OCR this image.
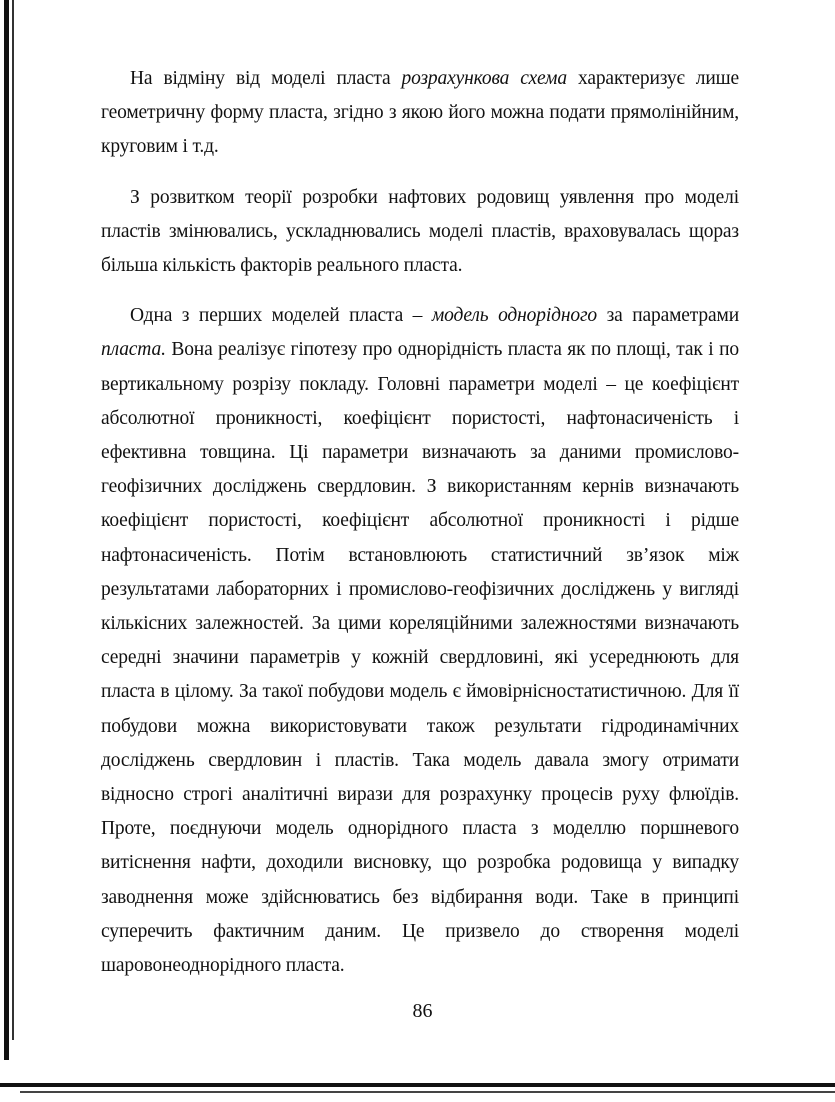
На відміну від моделі пласта розрахункова схема характеризує лише геометричну форму пласта, згідно з якою його можна подати прямолінійним, круговим і т.д.

З розвитком теорії розробки нафтових родовищ уявлення про моделі пластів змінювались, ускладнювались моделі пластів, враховувалась щораз більша кількість факторів реального пласта.

Одна з перших моделей пласта – модель однорідного за параметрами пласта. Вона реалізує гіпотезу про однорідність пласта як по площі, так і по вертикальному розрізу покладу. Головні параметри моделі – це коефіцієнт абсолютної проникності, коефіцієнт пористості, нафтонасиченість і ефективна товщина. Ці параметри визначають за даними промислово-геофізичних досліджень свердловин. З використанням кернів визначають коефіцієнт пористості, коефіцієнт абсолютної проникності і рідше нафтонасиченість. Потім встановлюють статистичний зв’язок між результатами лабораторних і промислово-геофізичних досліджень у вигляді кількісних залежностей. За цими кореляційними залежностями визначають середні значини параметрів у кожній свердловині, які усереднюють для пласта в цілому. За такої побудови модель є ймовірнісностатистичною. Для її побудови можна використовувати також результати гідродинамічних досліджень свердловин і пластів. Така модель давала змогу отримати відносно строгі аналітичні вирази для розрахунку процесів руху флюїдів. Проте, поєднуючи модель однорідного пласта з моделлю поршневого витіснення нафти, доходили висновку, що розробка родовища у випадку заводнення може здійснюватись без відбирання води. Таке в принципі суперечить фактичним даним. Це призвело до створення моделі шаровонеоднорідного пласта.

86
